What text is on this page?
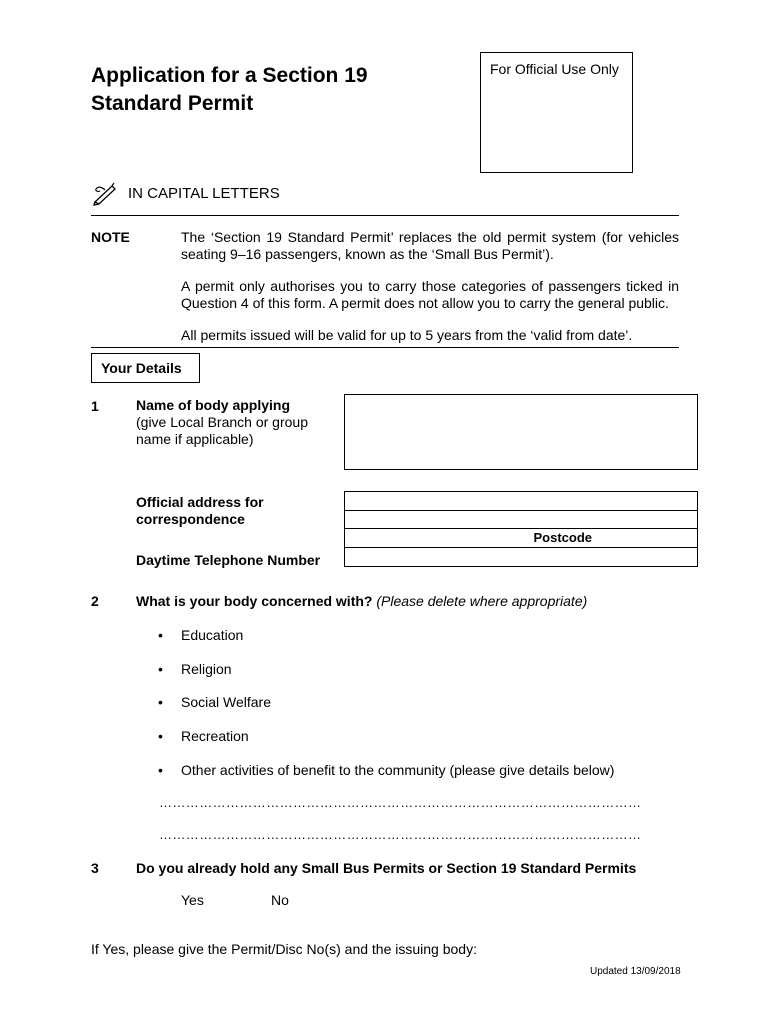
Application for a Section 19
Standard Permit
For Official Use Only
IN CAPITAL LETTERS
NOTE	The ‘Section 19 Standard Permit’ replaces the old permit system (for vehicles seating 9–16 passengers, known as the ‘Small Bus Permit’).
A permit only authorises you to carry those categories of passengers ticked in Question 4 of this form. A permit does not allow you to carry the general public.
All permits issued will be valid for up to 5 years from the ‘valid from date’.
Your Details
1	Name of body applying
(give Local Branch or group
name if applicable)
Official address for
correspondence
Postcode
Daytime Telephone Number
2	What is your body concerned with? (Please delete where appropriate)
• Education
• Religion
• Social Welfare
• Recreation
• Other activities of benefit to the community (please give details below)
………………………………………………………………………………………………
………………………………………………………………………………………………
3	Do you already hold any Small Bus Permits or Section 19 Standard Permits
Yes	No
If Yes, please give the Permit/Disc No(s) and the issuing body:
Updated 13/09/2018
